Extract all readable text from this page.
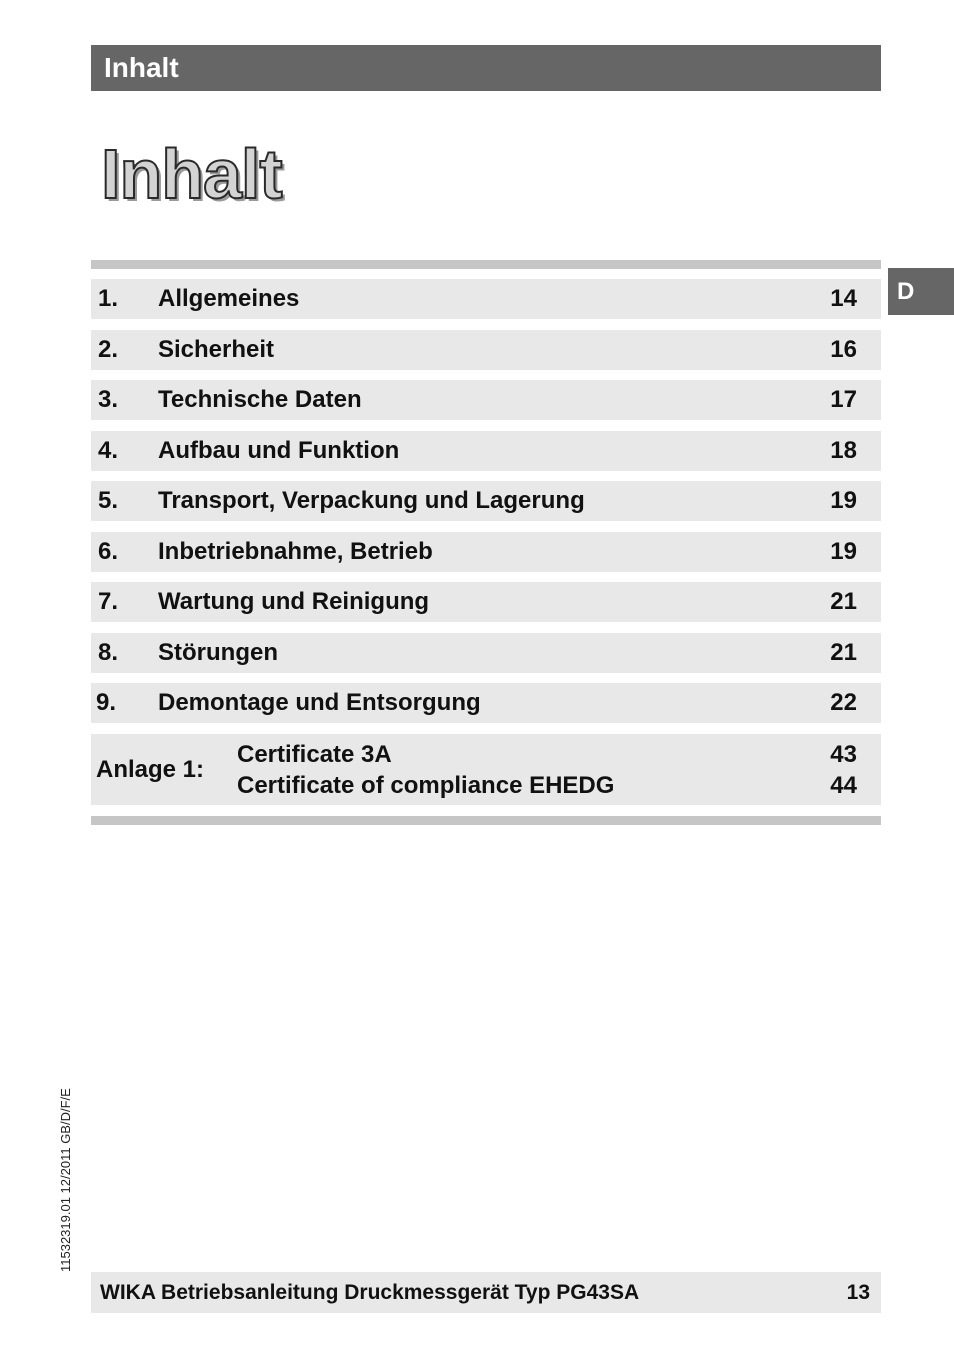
Inhalt
Inhalt
D
1. Allgemeines	14
2. Sicherheit	16
3. Technische Daten	17
4. Aufbau und Funktion	18
5. Transport, Verpackung und Lagerung	19
6. Inbetriebnahme, Betrieb	19
7. Wartung und Reinigung	21
8. Störungen	21
9. Demontage und Entsorgung	22
Anlage 1:
Certificate 3A	43
Certificate of compliance EHEDG	44
11532319.01 12/2011 GB/D/F/E
WIKA Betriebsanleitung Druckmessgerät Typ PG43SA	13
